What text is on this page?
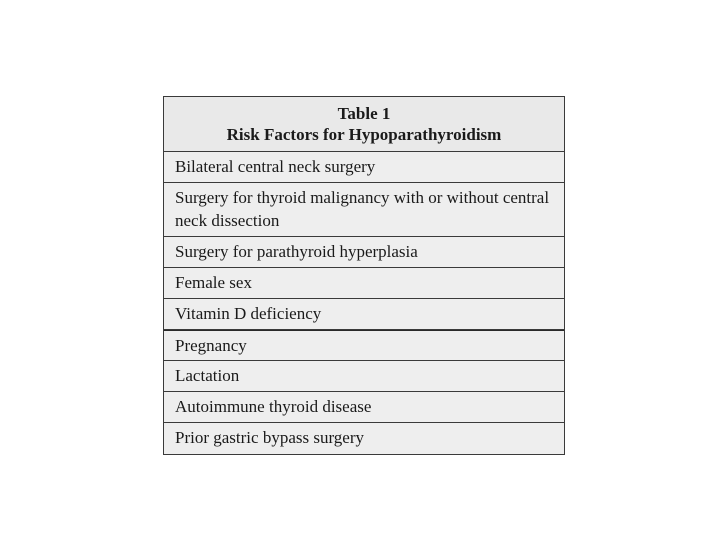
Table 1
Risk Factors for Hypoparathyroidism
Bilateral central neck surgery
Surgery for thyroid malignancy with or without central neck dissection
Surgery for parathyroid hyperplasia
Female sex
Vitamin D deficiency
Pregnancy
Lactation
Autoimmune thyroid disease
Prior gastric bypass surgery
